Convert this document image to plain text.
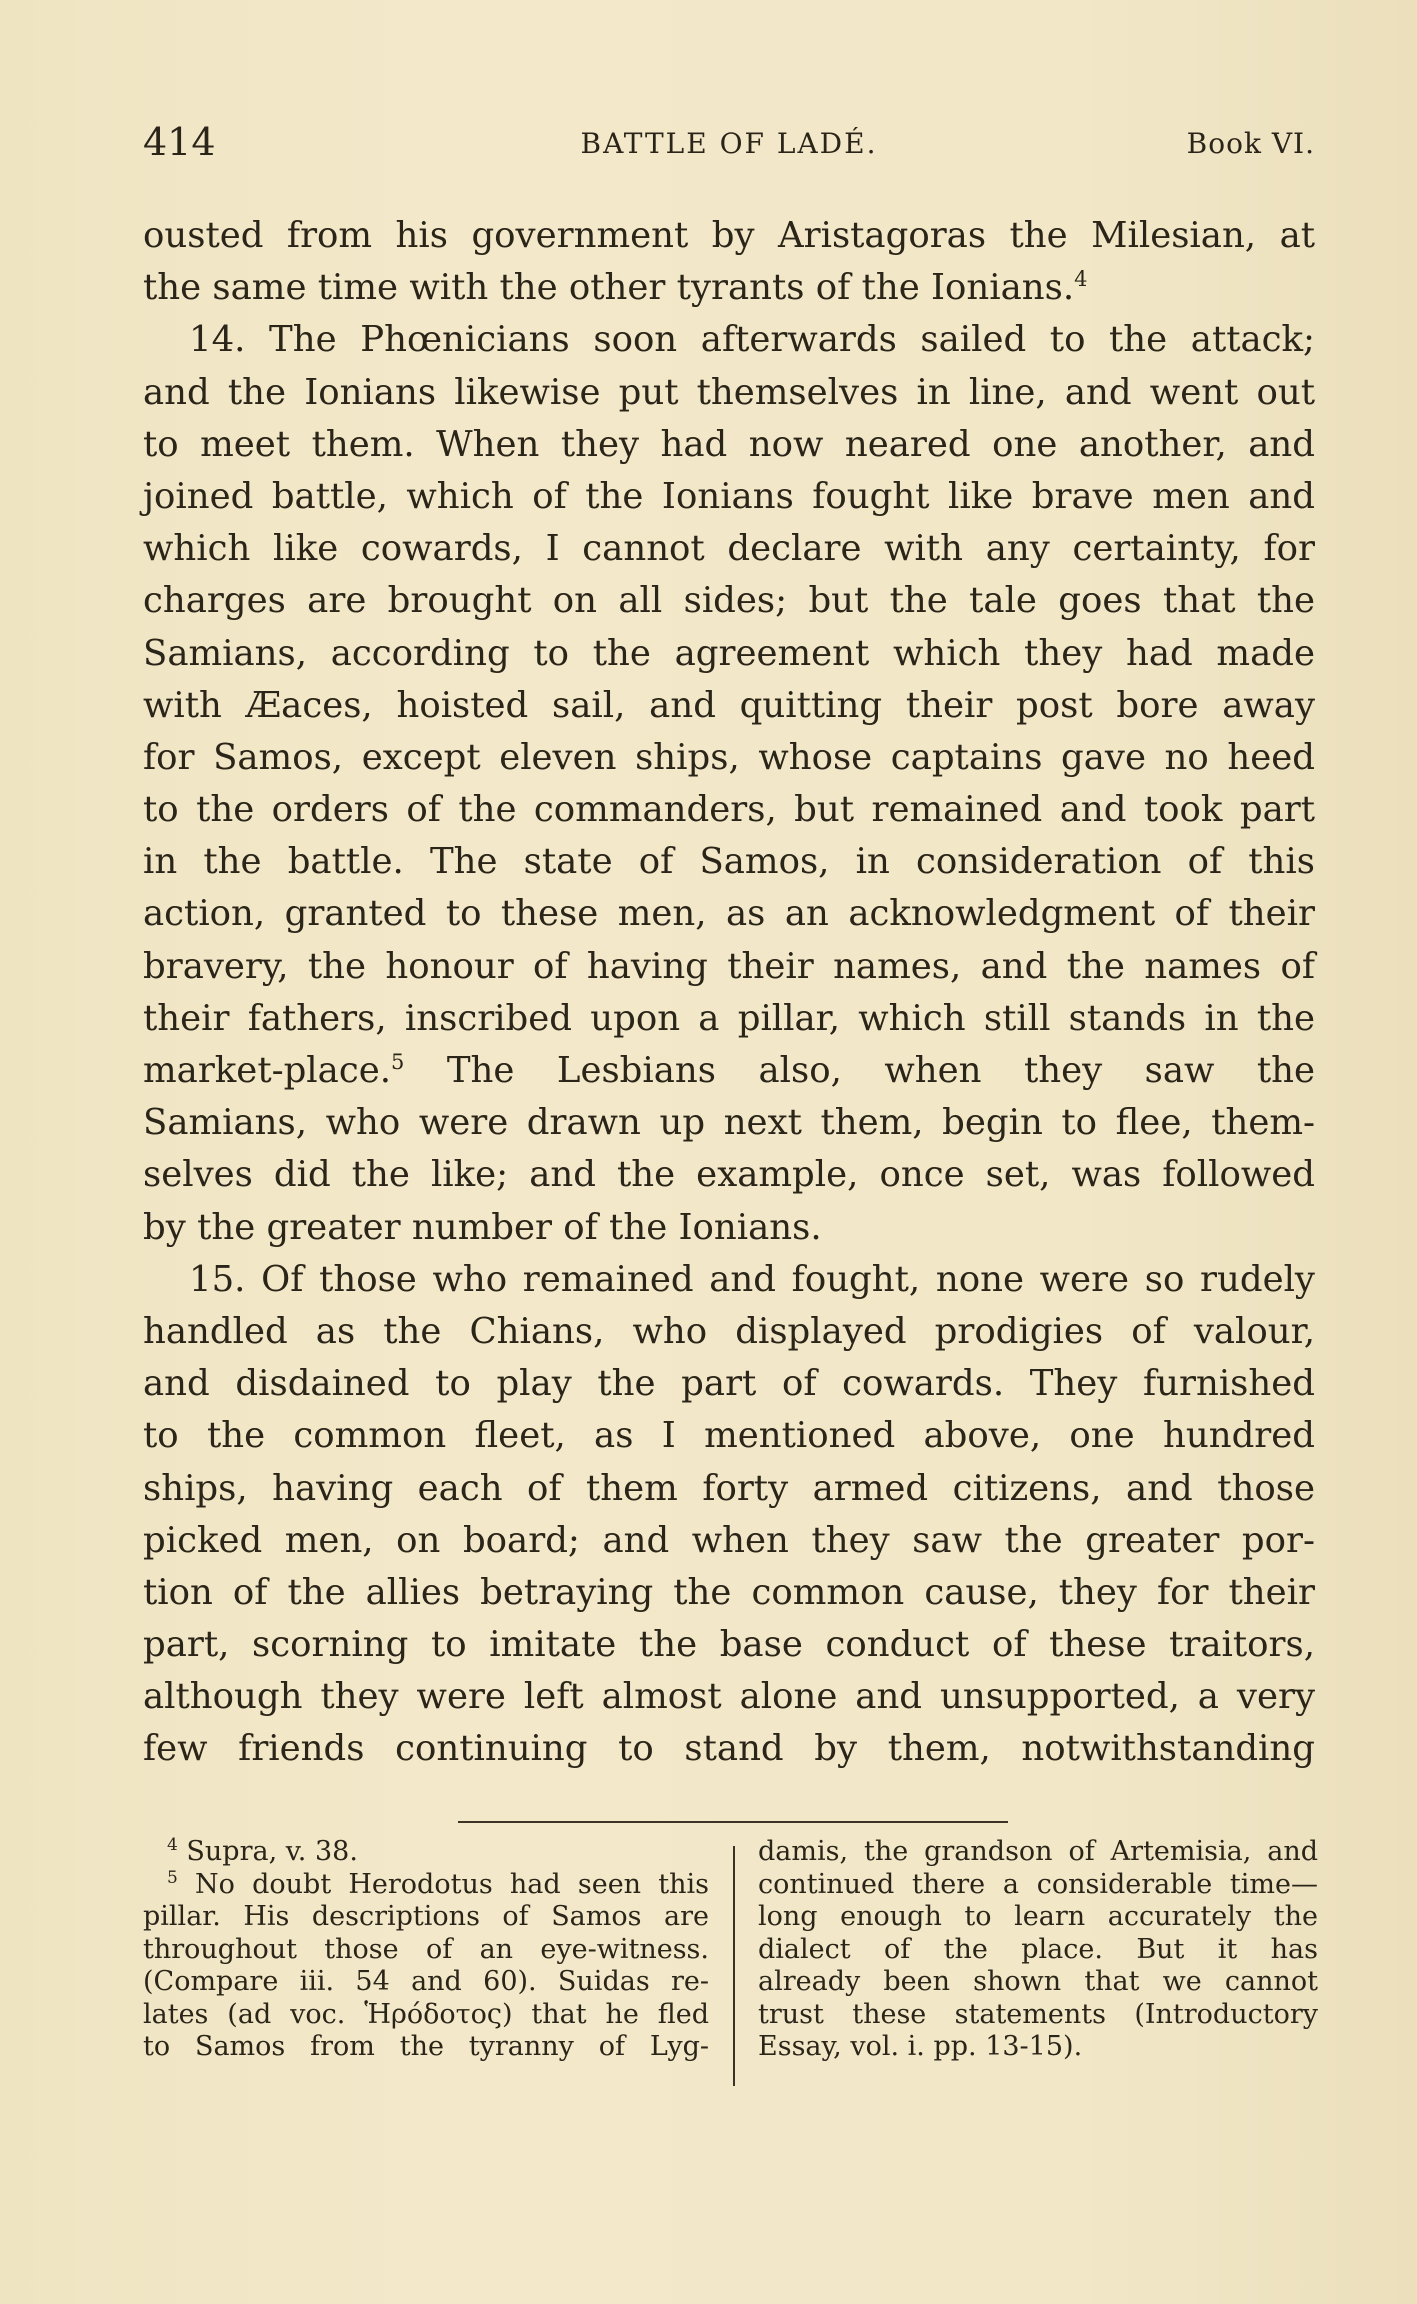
414	BATTLE OF LADÉ.	Book VI.
ousted from his government by Aristagoras the Milesian, at
the same time with the other tyrants of the Ionians.$^4$
14. The Phœnicians soon afterwards sailed to the attack;
and the Ionians likewise put themselves in line, and went out
to meet them. When they had now neared one another, and
joined battle, which of the Ionians fought like brave men and
which like cowards, I cannot declare with any certainty, for
charges are brought on all sides; but the tale goes that the
Samians, according to the agreement which they had made
with Æaces, hoisted sail, and quitting their post bore away
for Samos, except eleven ships, whose captains gave no heed
to the orders of the commanders, but remained and took part
in the battle. The state of Samos, in consideration of this
action, granted to these men, as an acknowledgment of their
bravery, the honour of having their names, and the names of
their fathers, inscribed upon a pillar, which still stands in the
market-place.$^5$ The Lesbians also, when they saw the
Samians, who were drawn up next them, begin to flee, them-
selves did the like; and the example, once set, was followed
by the greater number of the Ionians.
15. Of those who remained and fought, none were so rudely
handled as the Chians, who displayed prodigies of valour,
and disdained to play the part of cowards. They furnished
to the common fleet, as I mentioned above, one hundred
ships, having each of them forty armed citizens, and those
picked men, on board; and when they saw the greater por-
tion of the allies betraying the common cause, they for their
part, scorning to imitate the base conduct of these traitors,
although they were left almost alone and unsupported, a very
few friends continuing to stand by them, notwithstanding
$^4$ Supra, v. 38.
$^5$ No doubt Herodotus had seen this
pillar. His descriptions of Samos are
throughout those of an eye-witness.
(Compare iii. 54 and 60). Suidas re-
lates (ad voc. Ἡρόδοτος) that he fled
to Samos from the tyranny of Lyg-
damis, the grandson of Artemisia, and
continued there a considerable time—
long enough to learn accurately the
dialect of the place. But it has
already been shown that we cannot
trust these statements (Introductory
Essay, vol. i. pp. 13-15).
